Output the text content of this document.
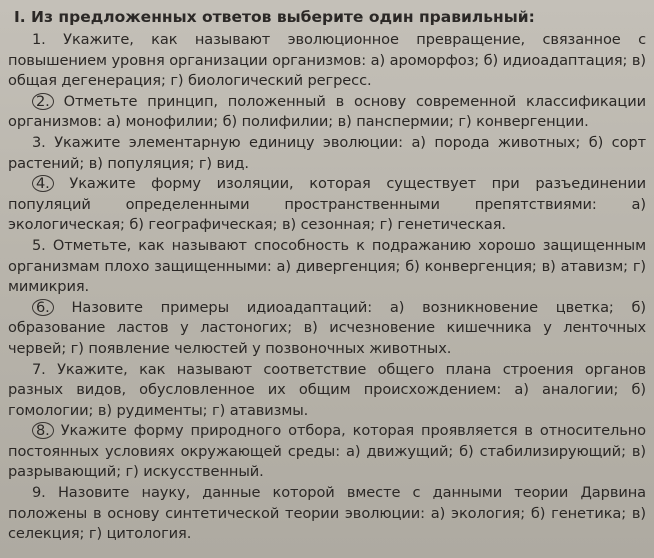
I. Из предложенных ответов выберите один правильный:

1. Укажите, как называют эволюционное превращение, связанное с повышением уровня организации организмов: а) ароморфоз; б) идиоадаптация; в) общая дегенерация; г) биологический регресс.

2. Отметьте принцип, положенный в основу современной классификации организмов: а) монофилии; б) полифилии; в) панспермии; г) конвергенции.

3. Укажите элементарную единицу эволюции: а) порода животных; б) сорт растений; в) популяция; г) вид.

4. Укажите форму изоляции, которая существует при разъединении популяций определенными пространственными препятствиями: а) экологическая; б) географическая; в) сезонная; г) генетическая.

5. Отметьте, как называют способность к подражанию хорошо защищенным организмам плохо защищенными: а) дивергенция; б) конвергенция; в) атавизм; г) мимикрия.

6. Назовите примеры идиоадаптаций: а) возникновение цветка; б) образование ластов у ластоногих; в) исчезновение кишечника у ленточных червей; г) появление челюстей у позвоночных животных.

7. Укажите, как называют соответствие общего плана строения органов разных видов, обусловленное их общим происхождением: а) аналогии; б) гомологии; в) рудименты; г) атавизмы.

8. Укажите форму природного отбора, которая проявляется в относительно постоянных условиях окружающей среды: а) движущий; б) стабилизирующий; в) разрывающий; г) искусственный.

9. Назовите науку, данные которой вместе с данными теории Дарвина положены в основу синтетической теории эволюции: а) экология; б) генетика; в) селекция; г) цитология.
